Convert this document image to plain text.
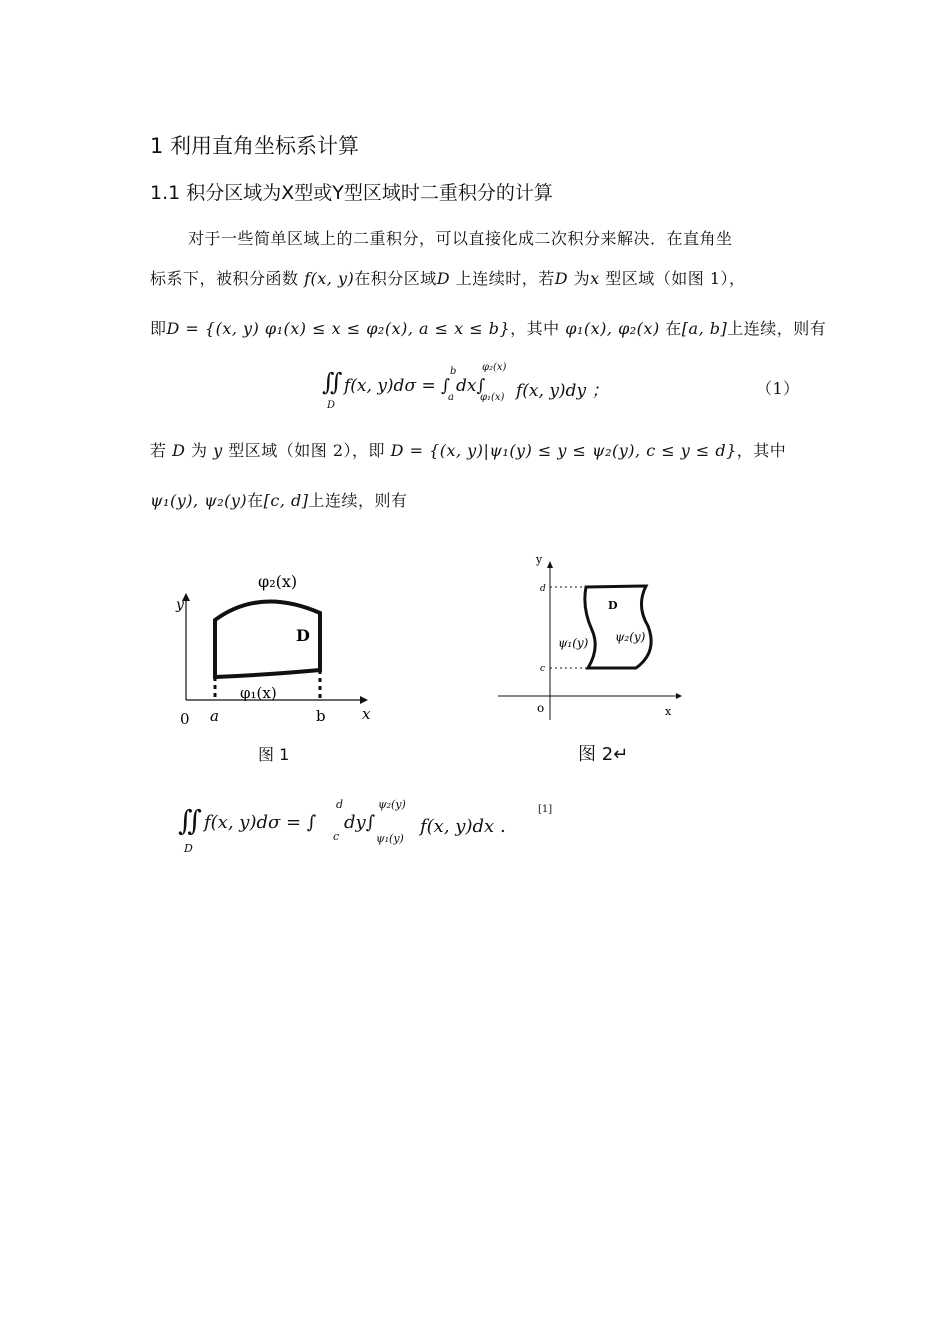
1 利用直角坐标系计算
1.1 积分区域为X型或Y型区域时二重积分的计算
对于一些简单区域上的二重积分，可以直接化成二次积分来解决．在直角坐
标系下，被积分函数 f(x, y)在积分区域D 上连续时，若D 为x 型区域（如图 1），
即D = {(x, y) φ₁(x) ≤ x ≤ φ₂(x), a ≤ x ≤ b}，其中 φ₁(x), φ₂(x) 在[a, b]上连续，则有
∬
D
f(x, y)dσ = ∫
b
a
dx∫
φ₂(x)
φ₁(x) f(x, y)dy ；	（1）
若 D 为 y 型区域（如图 2），即 D = {(x, y)|ψ₁(y) ≤ y ≤ ψ₂(y), c ≤ y ≤ d}，其中
ψ₁(y), ψ₂(y)在[c, d]上连续，则有
φ₂(x)
D
φ₁(x)
y
x
0 a	b
图 1
D
ψ₁(y) ψ₂(y)
y
x
o
d
c
图 2↵
∬
D
f(x, y)dσ = ∫
d
c
dy∫
ψ₂(y)
ψ₁(y)
f(x, y)dx ．
[1]
